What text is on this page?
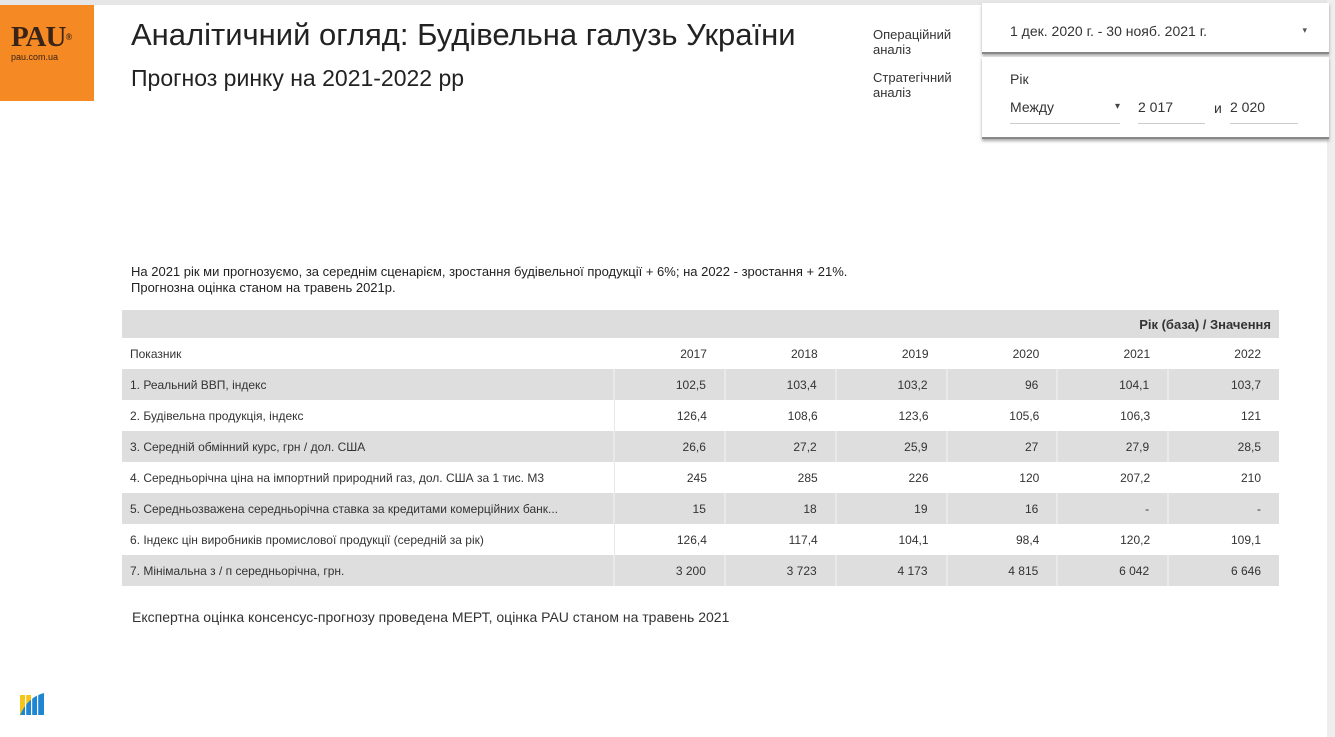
PAU®
pau.com.ua
Аналітичний огляд: Будівельна галузь України
Прогноз ринку на 2021-2022 рр
Операційний аналіз
Стратегічний аналіз
1 дек. 2020 г. - 30 нояб. 2021 г.	▾
Рік
Между	▾ 2 017	и 2 020
На 2021 рік ми прогнозуємо, за середнім сценарієм, зростання будівельної продукції + 6%; на 2022 - зростання + 21%.
Прогнозна оцінка станом на травень 2021р.
Рік (база) / Значення
Показник	2017	2018	2019	2020	2021	2022
1. Реальний ВВП, індекс	102,5	103,4	103,2	96	104,1	103,7
2. Будівельна продукція, індекс	126,4	108,6	123,6	105,6	106,3	121
3. Середній обмінний курс, грн / дол. США	26,6	27,2	25,9	27	27,9	28,5
4. Середньорічна ціна на імпортний природний газ, дол. США за 1 тис. М3	245	285	226	120	207,2	210
5. Середньозважена середньорічна ставка за кредитами комерційних банк...	15	18	19	16	-	-
6. Індекс цін виробників промислової продукції (середній за рік)	126,4	117,4	104,1	98,4	120,2	109,1
7. Мінімальна з / п середньорічна, грн.	3 200	3 723	4 173	4 815	6 042	6 646
Експертна оцінка консенсус-прогнозу проведена МЕРТ, оцінка PAU станом на травень 2021
